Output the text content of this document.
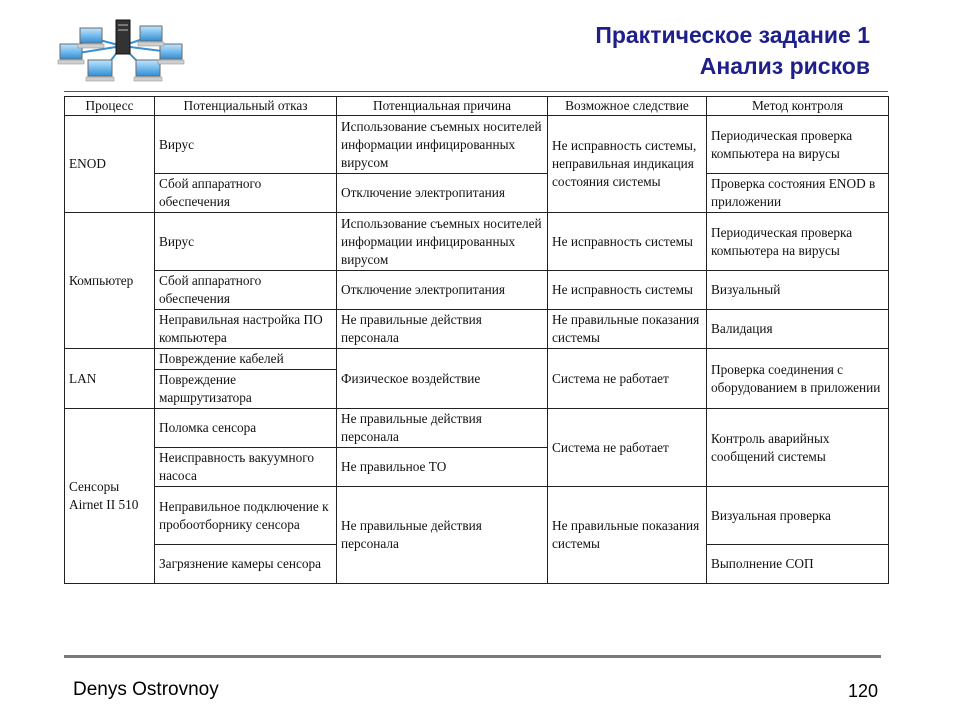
Практическое задание 1
Анализ рисков
Процесс	Потенциальный отказ	Потенциальная причина	Возможное следствие	Метод контроля
ENOD	Вирус	Использование съемных носителей информации инфицированных вирусом	Не исправность системы, неправильная индикация состояния системы	Периодическая проверка компьютера на вирусы
	Сбой аппаратного обеспечения	Отключение электропитания		Проверка состояния ENOD в приложении
Компьютер	Вирус	Использование съемных носителей информации инфицированных вирусом	Не исправность системы	Периодическая проверка компьютера на вирусы
	Сбой аппаратного обеспечения	Отключение электропитания	Не исправность системы	Визуальный
	Неправильная настройка ПО компьютера	Не правильные действия персонала	Не правильные показания системы	Валидация
LAN	Повреждение кабелей	Физическое воздействие	Система не работает	Проверка соединения с оборудованием в приложении
	Повреждение маршрутизатора			
Сенсоры Airnet II 510	Поломка сенсора	Не правильные действия персонала	Система не работает	Контроль аварийных сообщений системы
	Неисправность вакуумного насоса	Не правильное ТО		
	Неправильное подключение к пробоотборнику сенсора	Не правильные действия персонала	Не правильные показания системы	Визуальная проверка
	Загрязнение камеры сенсора			Выполнение СОП
Denys Ostrovnoy	120
